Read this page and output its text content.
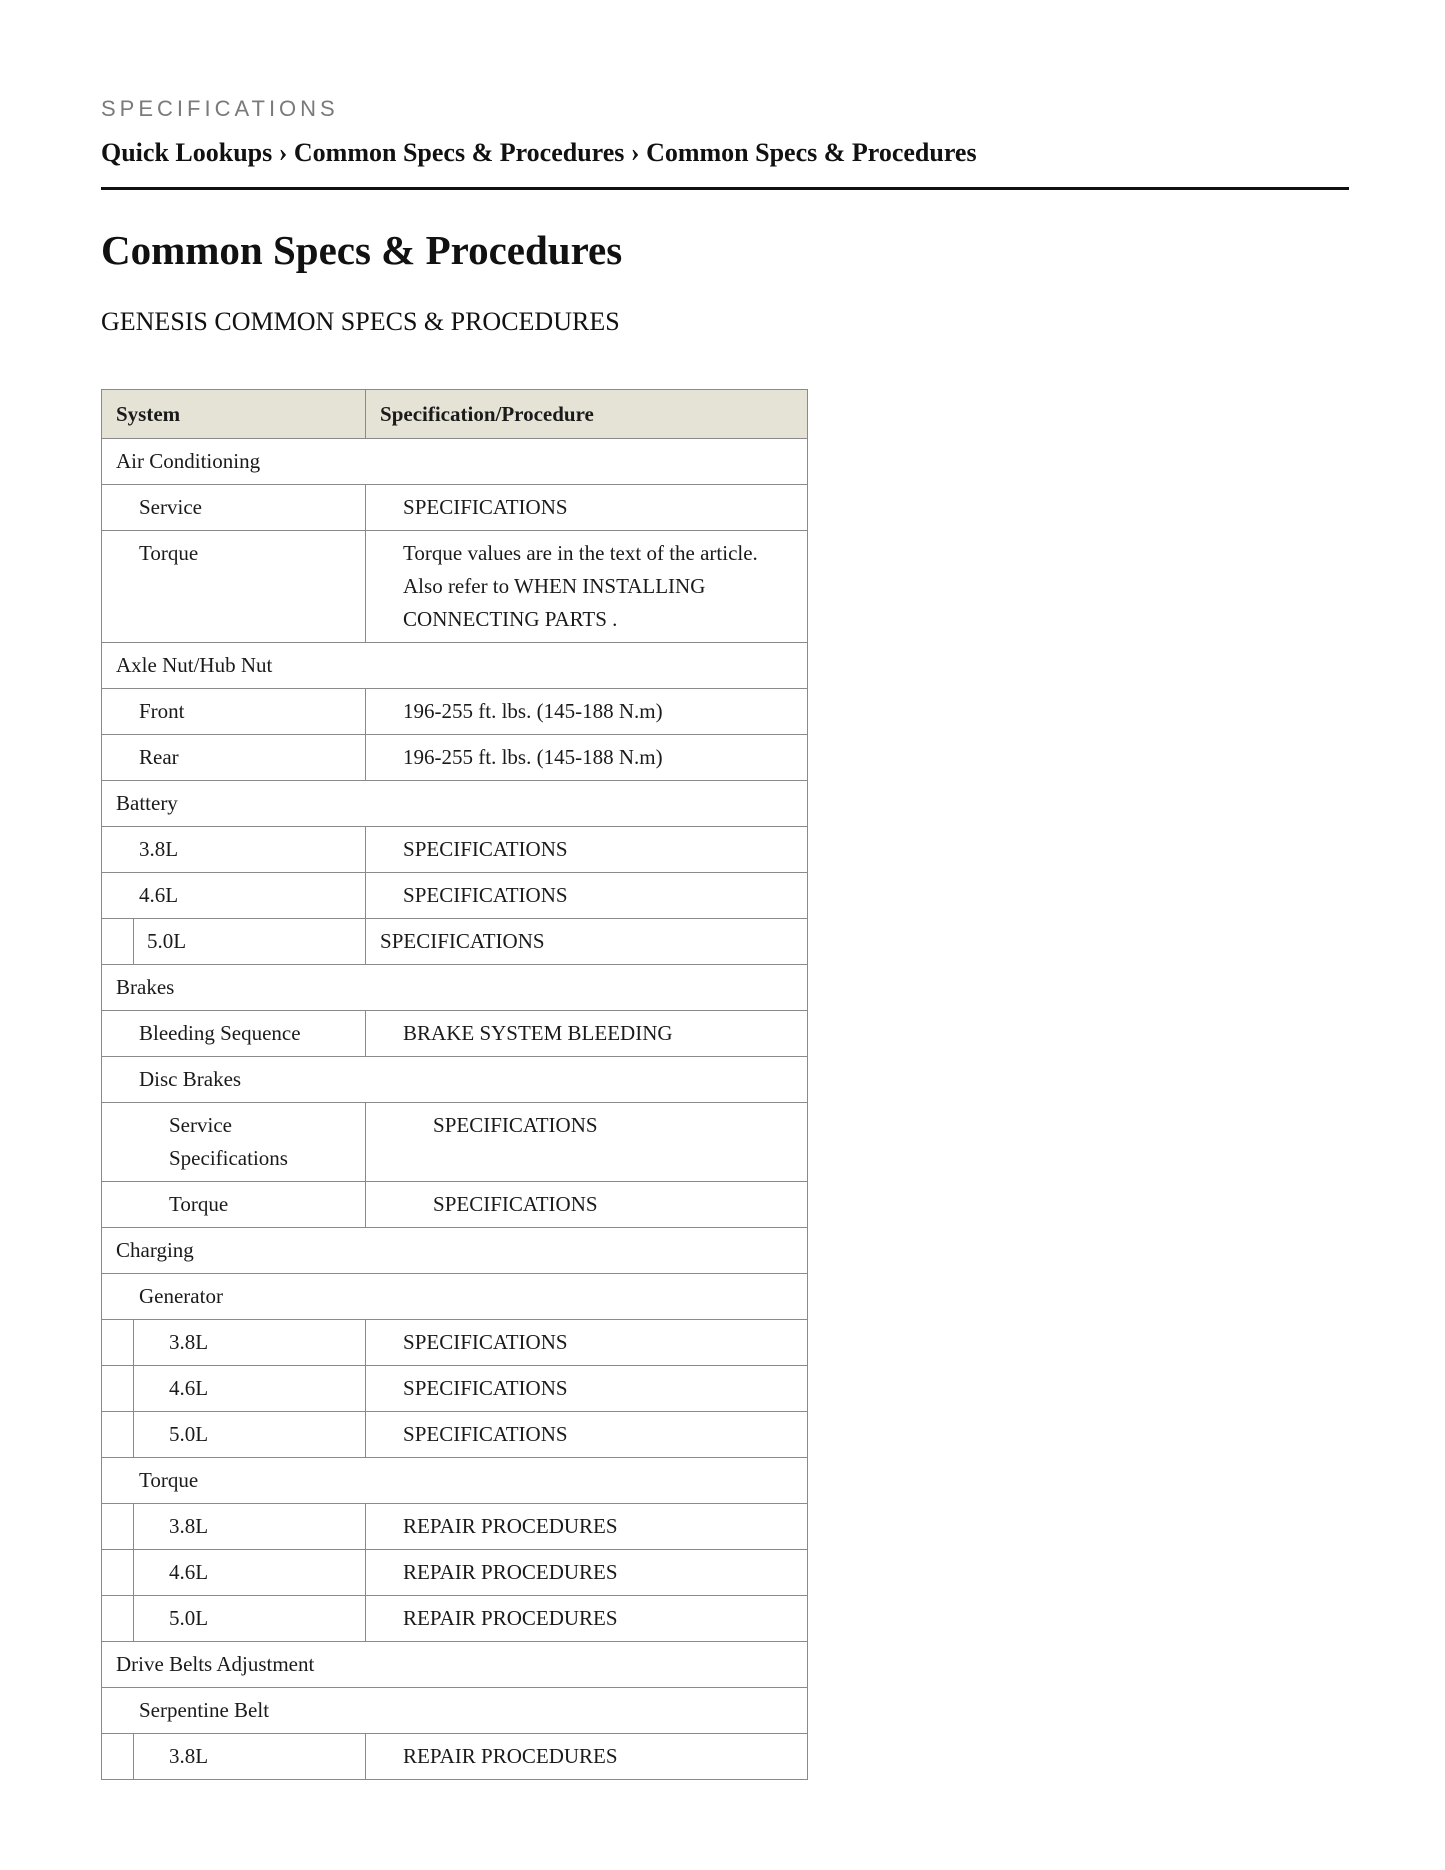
SPECIFICATIONS
Quick Lookups › Common Specs & Procedures › Common Specs & Procedures
Common Specs & Procedures
GENESIS COMMON SPECS & PROCEDURES
System		Specification/Procedure
Air Conditioning		
Service		SPECIFICATIONS
Torque		Torque values are in the text of the article. Also refer to WHEN INSTALLING CONNECTING PARTS .
Axle Nut/Hub Nut		
Front		196-255 ft. lbs. (145-188 N.m)
Rear		196-255 ft. lbs. (145-188 N.m)
Battery		
3.8L		SPECIFICATIONS
4.6L		SPECIFICATIONS
	5.0L	SPECIFICATIONS
Brakes		
Bleeding Sequence		BRAKE SYSTEM BLEEDING
Disc Brakes		
Service Specifications		SPECIFICATIONS
Torque		SPECIFICATIONS
Charging		
Generator		
	3.8L	SPECIFICATIONS
	4.6L	SPECIFICATIONS
	5.0L	SPECIFICATIONS
Torque		
	3.8L	REPAIR PROCEDURES
	4.6L	REPAIR PROCEDURES
	5.0L	REPAIR PROCEDURES
Drive Belts Adjustment		
Serpentine Belt		
	3.8L	REPAIR PROCEDURES
